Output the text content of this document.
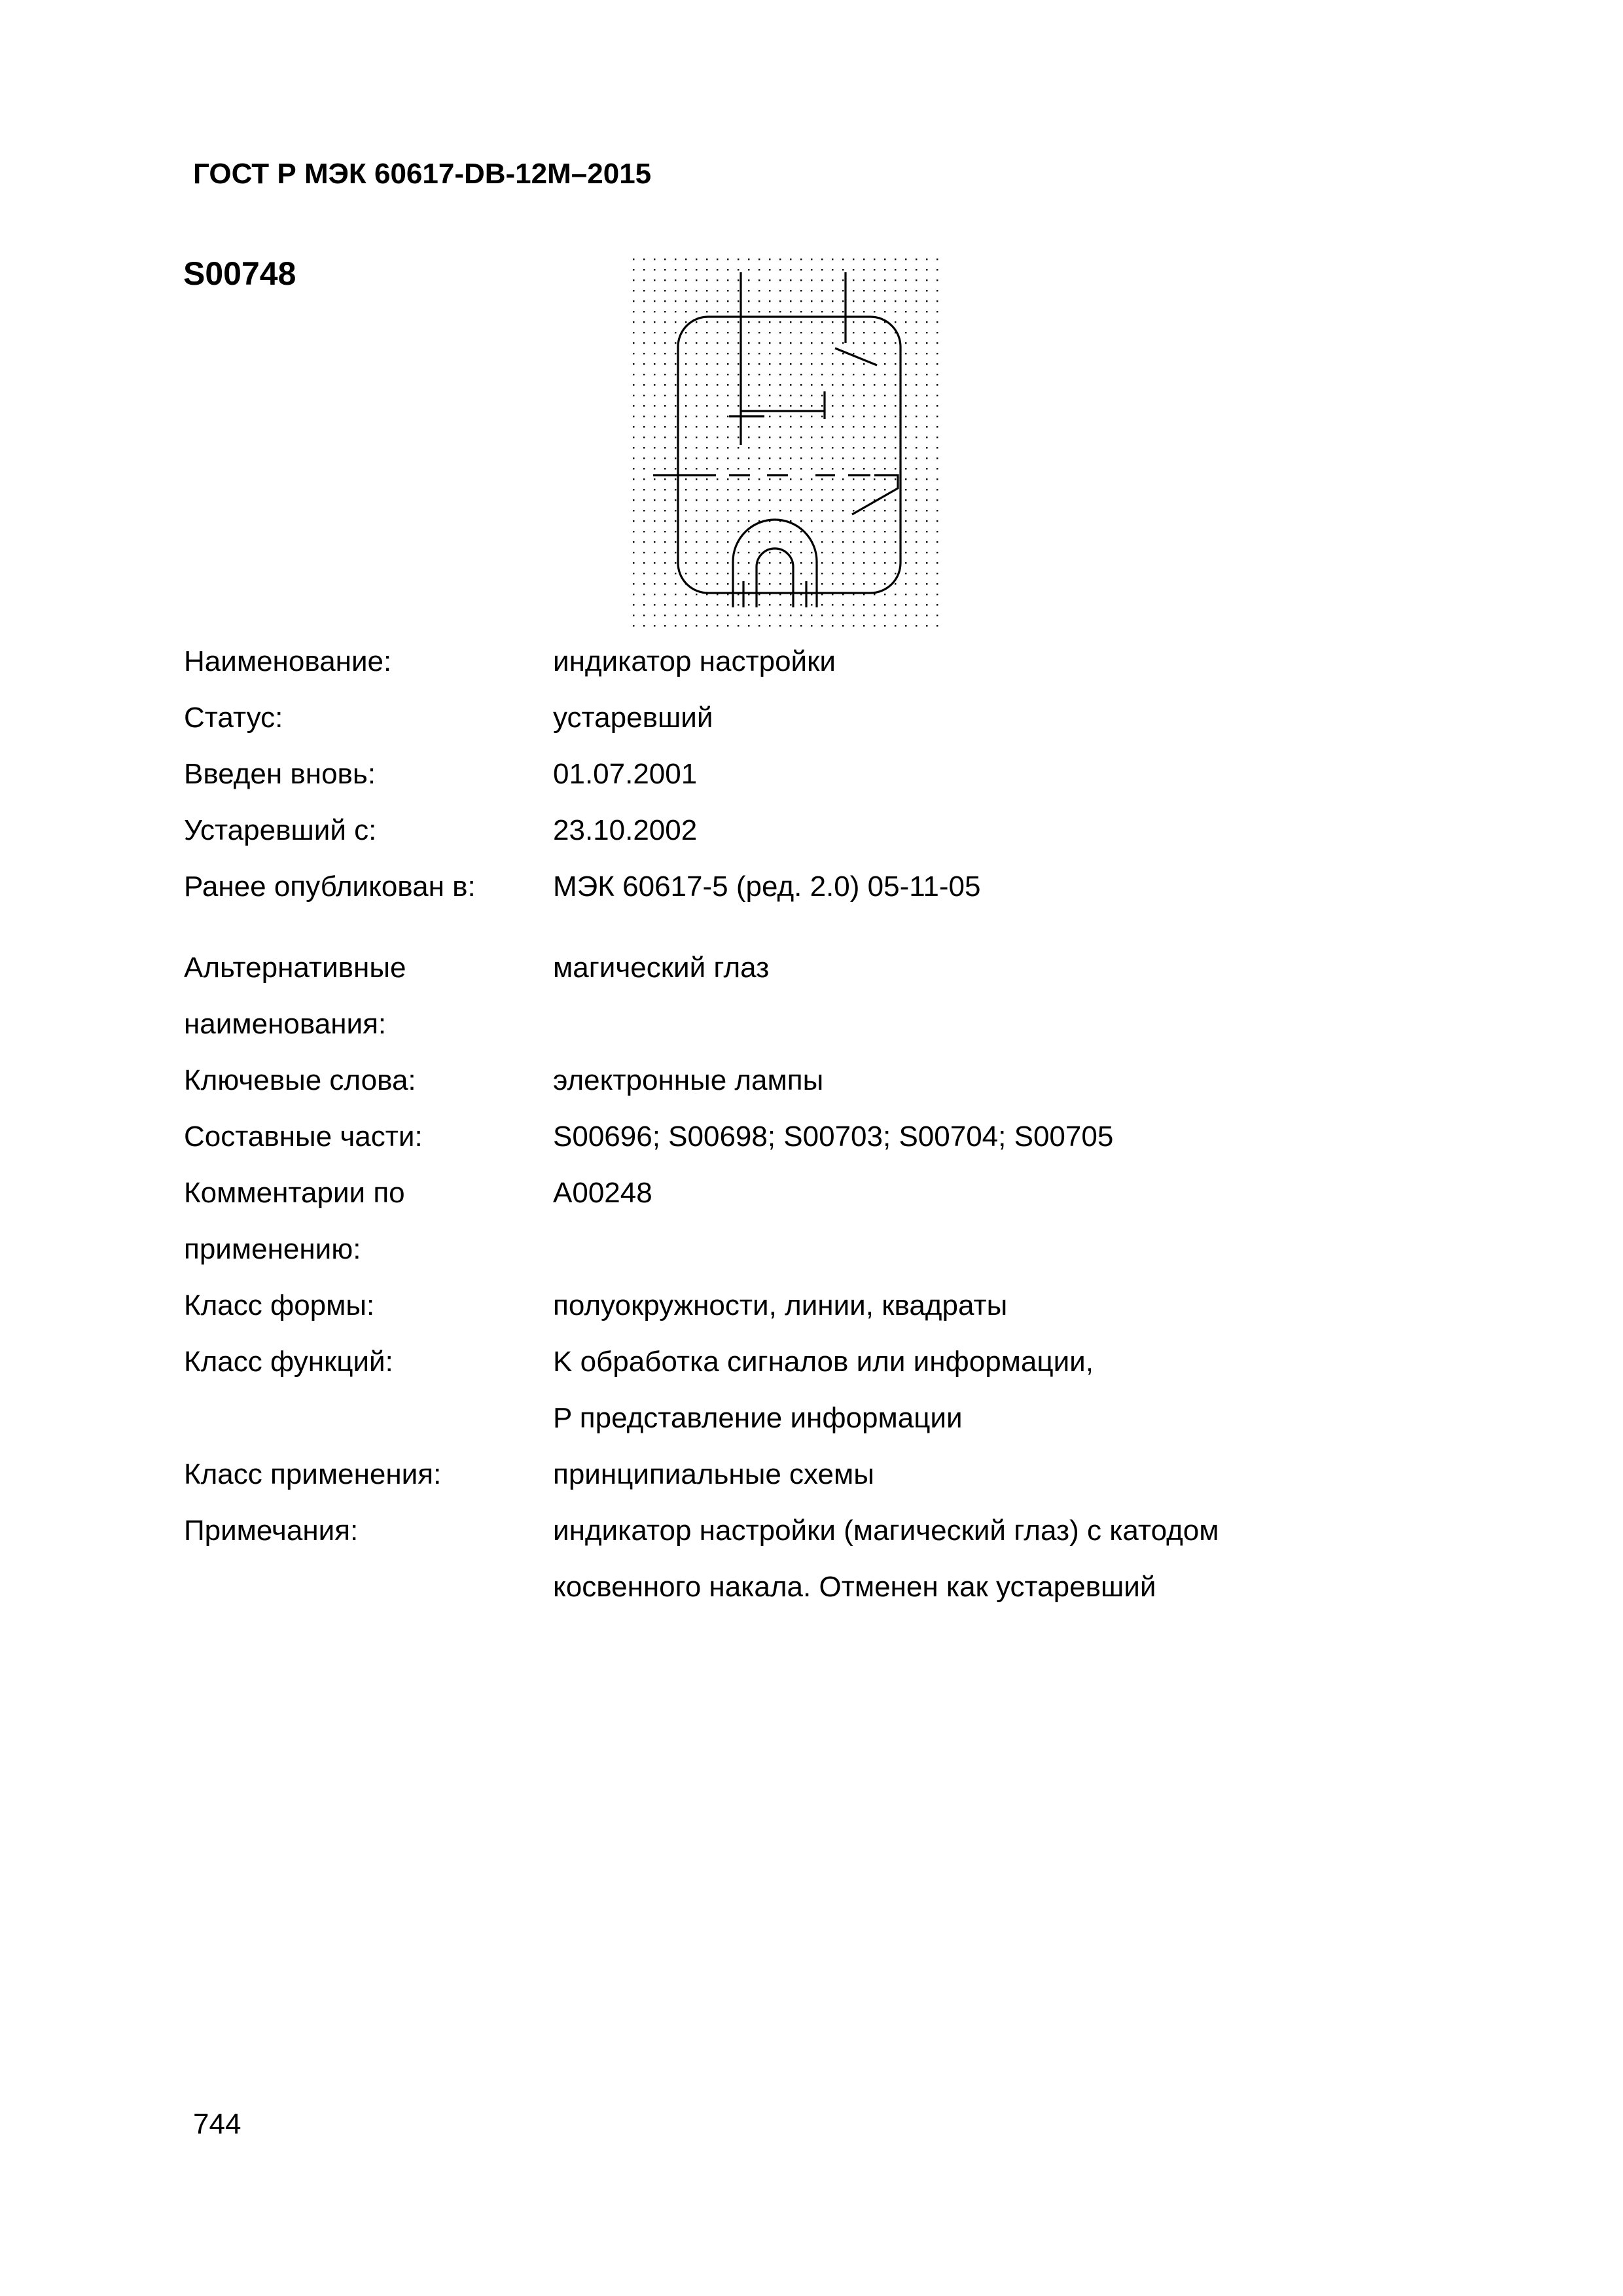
ГОСТ Р МЭК 60617-DB-12M–2015
S00748
Наименование:	индикатор настройки
Статус:	устаревший
Введен вновь:	01.07.2001
Устаревший с:	23.10.2002
Ранее опубликован в:	МЭК 60617-5 (ред. 2.0) 05-11-05
Альтернативные
наименования:
магический глаз
Ключевые слова:	электронные лампы
Составные части:	S00696; S00698; S00703; S00704; S00705
Комментарии по
применению:
A00248
Класс формы:	полуокружности, линии, квадраты
Класс функций:	K обработка сигналов или информации,
P представление информации
Класс применения:	принципиальные схемы
Примечания:	индикатор настройки (магический глаз) с катодом
косвенного накала. Отменен как устаревший
744
